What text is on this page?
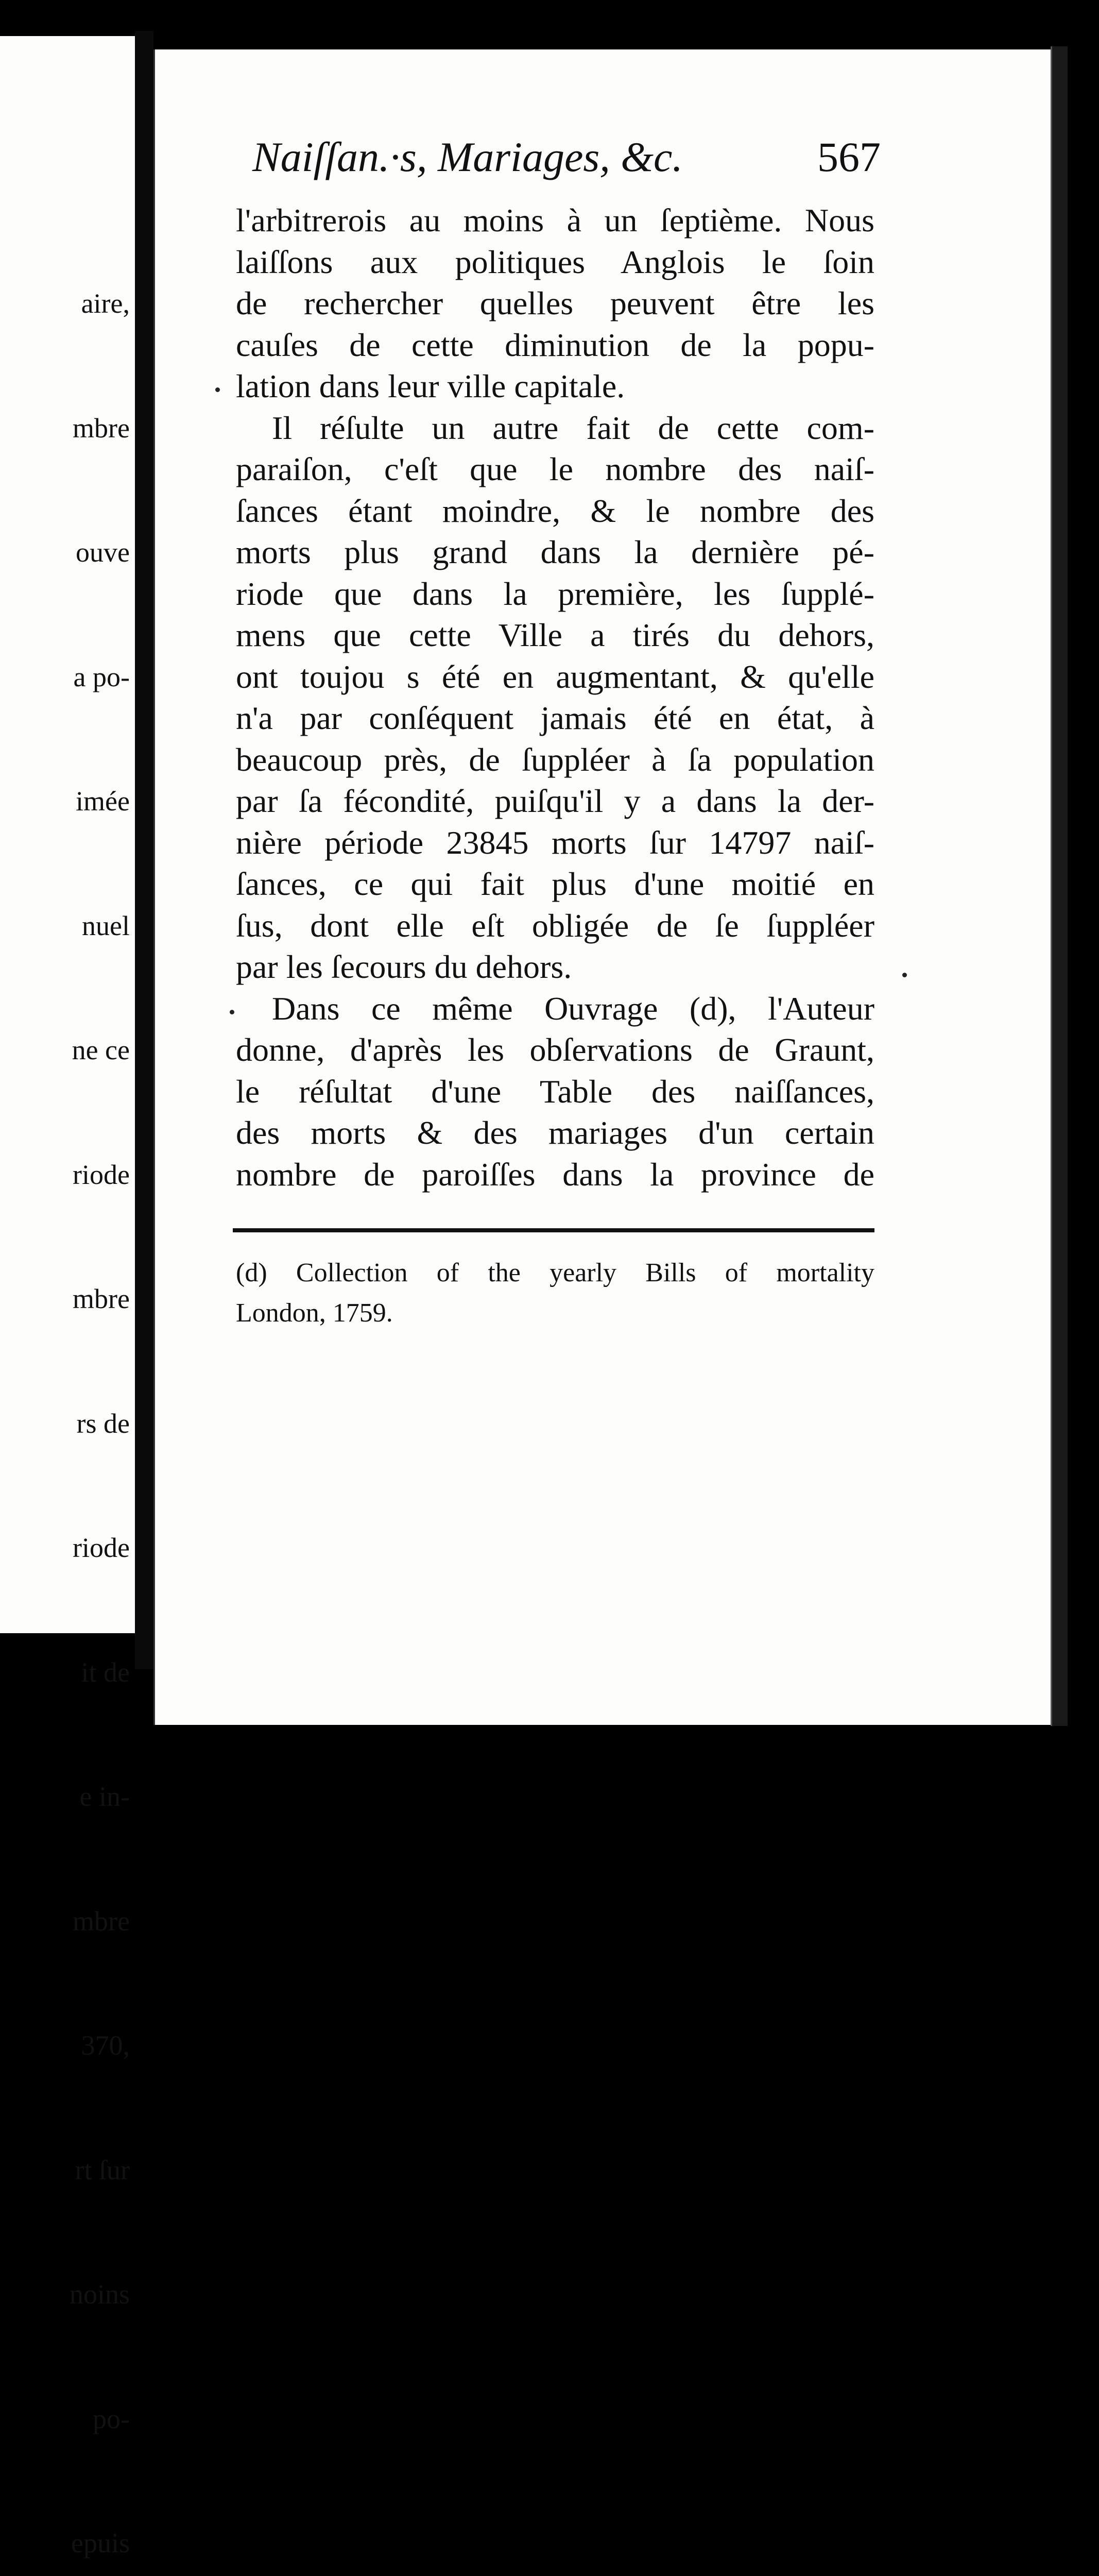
aire,

mbre

ouve

a po-

imée

nuel

ne ce

riode

mbre

rs de

riode

it de

e in-

mbre

370,

rt ſur

noins

po-

epuis

Naiſſan.·s, Mariages, &c.	567
l'arbitrerois au moins à un ſeptième. Nous
laiſſons aux politiques Anglois le ſoin
de rechercher quelles peuvent être les
cauſes de cette diminution de la popu-
lation dans leur ville capitale.
Il réſulte un autre fait de cette com-
paraiſon, c'eſt que le nombre des naiſ-
ſances étant moindre, & le nombre des
morts plus grand dans la dernière pé-
riode que dans la première, les ſupplé-
mens que cette Ville a tirés du dehors,
ont toujou s été en augmentant, & qu'elle
n'a par conſéquent jamais été en état, à
beaucoup près, de ſuppléer à ſa population
par ſa fécondité, puiſqu'il y a dans la der-
nière période 23845 morts ſur 14797 naiſ-
ſances, ce qui fait plus d'une moitié en
ſus, dont elle eſt obligée de ſe ſuppléer
par les ſecours du dehors.
Dans ce même Ouvrage (d), l'Auteur
donne, d'après les obſervations de Graunt,
le réſultat d'une Table des naiſſances,
des morts & des mariages d'un certain
nombre de paroiſſes dans la province de
(d) Collection of the yearly Bills of mortality
London, 1759.
